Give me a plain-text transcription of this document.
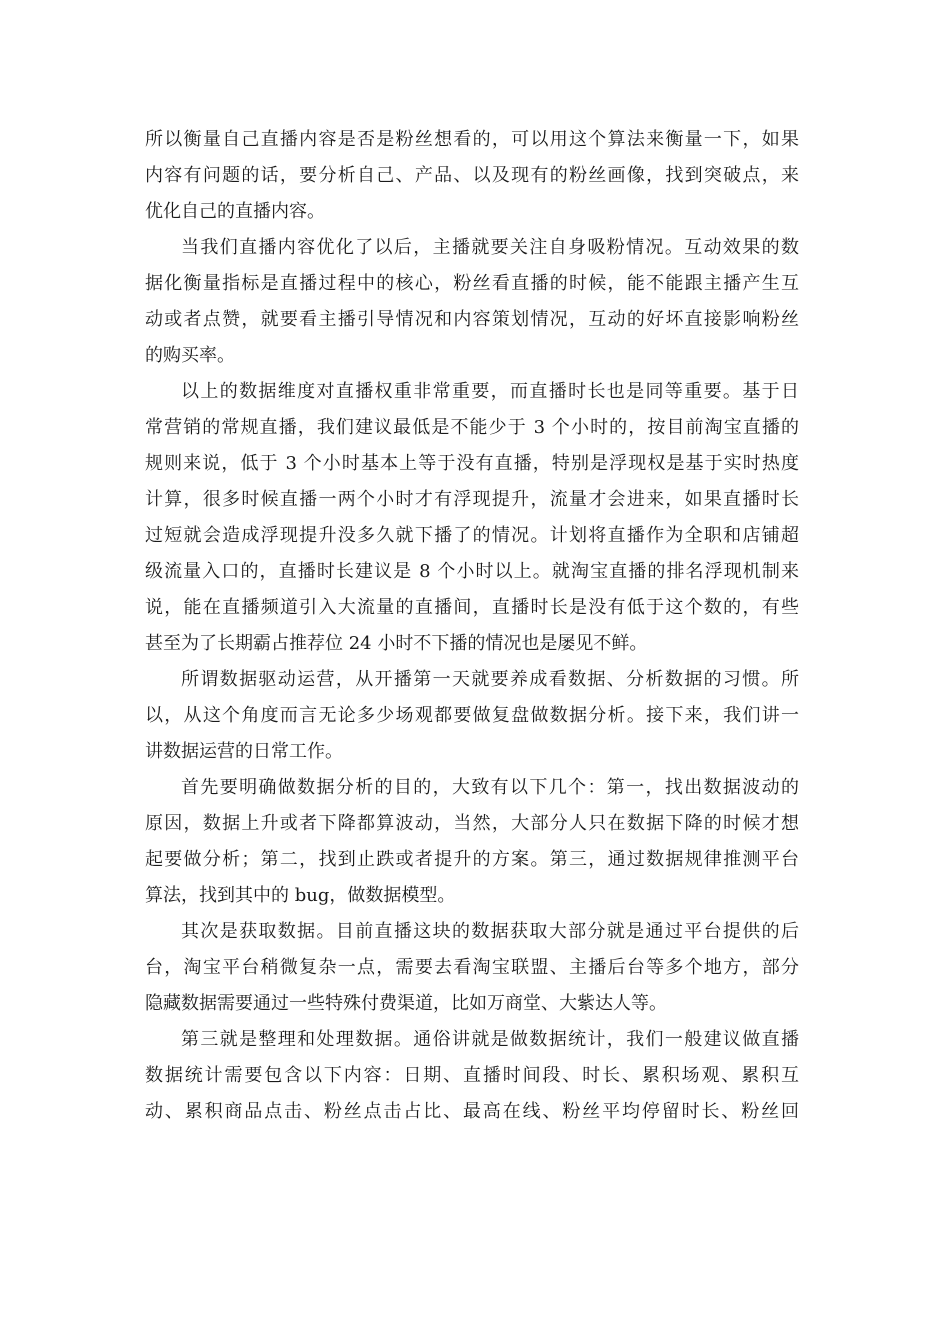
所以衡量自己直播内容是否是粉丝想看的，可以用这个算法来衡量一下，如果
内容有问题的话，要分析自己、产品、以及现有的粉丝画像，找到突破点，来
优化自己的直播内容。
当我们直播内容优化了以后，主播就要关注自身吸粉情况。互动效果的数
据化衡量指标是直播过程中的核心，粉丝看直播的时候，能不能跟主播产生互
动或者点赞，就要看主播引导情况和内容策划情况，互动的好坏直接影响粉丝
的购买率。
以上的数据维度对直播权重非常重要，而直播时长也是同等重要。基于日
常营销的常规直播，我们建议最低是不能少于 3 个小时的，按目前淘宝直播的
规则来说，低于 3 个小时基本上等于没有直播，特别是浮现权是基于实时热度
计算，很多时候直播一两个小时才有浮现提升，流量才会进来，如果直播时长
过短就会造成浮现提升没多久就下播了的情况。计划将直播作为全职和店铺超
级流量入口的，直播时长建议是 8 个小时以上。就淘宝直播的排名浮现机制来
说，能在直播频道引入大流量的直播间，直播时长是没有低于这个数的，有些
甚至为了长期霸占推荐位 24 小时不下播的情况也是屡见不鲜。
所谓数据驱动运营，从开播第一天就要养成看数据、分析数据的习惯。所
以，从这个角度而言无论多少场观都要做复盘做数据分析。接下来，我们讲一
讲数据运营的日常工作。
首先要明确做数据分析的目的，大致有以下几个：第一，找出数据波动的
原因，数据上升或者下降都算波动，当然，大部分人只在数据下降的时候才想
起要做分析；第二，找到止跌或者提升的方案。第三，通过数据规律推测平台
算法，找到其中的 bug，做数据模型。
其次是获取数据。目前直播这块的数据获取大部分就是通过平台提供的后
台，淘宝平台稍微复杂一点，需要去看淘宝联盟、主播后台等多个地方，部分
隐藏数据需要通过一些特殊付费渠道，比如万商堂、大紫达人等。
第三就是整理和处理数据。通俗讲就是做数据统计，我们一般建议做直播
数据统计需要包含以下内容：日期、直播时间段、时长、累积场观、累积互
动、累积商品点击、粉丝点击占比、最高在线、粉丝平均停留时长、粉丝回
